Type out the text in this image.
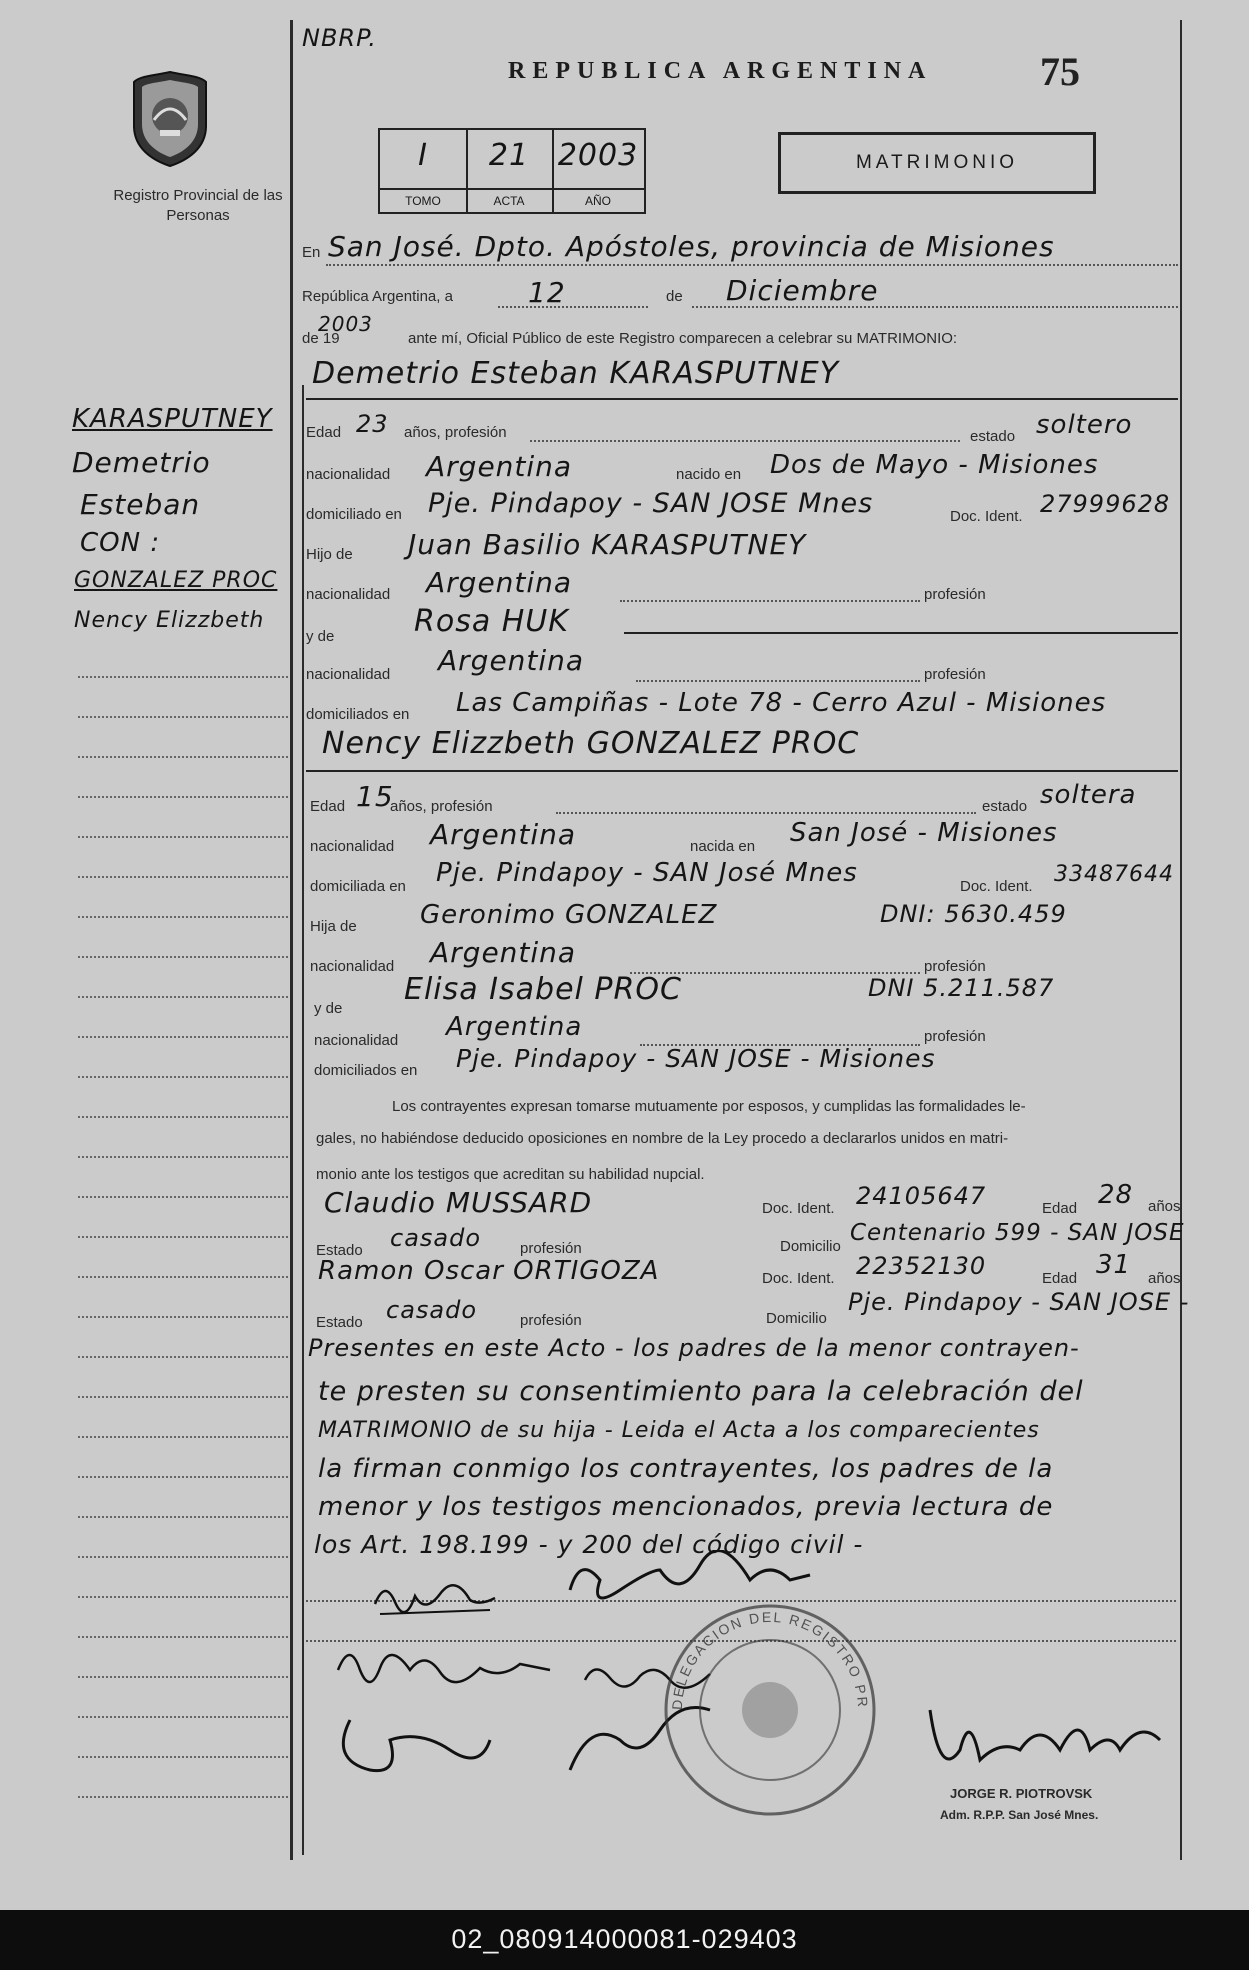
NBRP.
REPUBLICA ARGENTINA	75
Registro Provincial de las Personas
I
TOMO
21
ACTA
2003
AÑO
MATRIMONIO
KARASPUTNEY
Demetrio
Esteban
CON :
GONZALEZ PROC
Nency Elizzbeth
En San José. Dpto. Apóstoles, provincia de Misiones
República Argentina, a	12	de Diciembre
de 19
2003
ante mí, Oficial Público de este Registro comparecen a celebrar su MATRIMONIO:
Demetrio Esteban KARASPUTNEY
Edad 23 años, profesión	estado soltero
nacionalidad Argentina	nacido en Dos de Mayo - Misiones
domiciliado en Pje. Pindapoy - SAN JOSE Mnes	Doc. Ident. 27999628
Hijo de Juan Basilio KARASPUTNEY
nacionalidad Argentina	profesión
y de	Rosa HUK
nacionalidad Argentina	profesión
domiciliados en Las Campiñas - Lote 78 - Cerro Azul - Misiones
Nency Elizzbeth GONZALEZ PROC
Edad 15
años, profesión	estado soltera
nacionalidad Argentina	nacida en San José - Misiones
domiciliada en Pje. Pindapoy - SAN José Mnes	Doc. Ident. 33487644
Hija de Geronimo GONZALEZ	DNI: 5630.459
nacionalidad Argentina	profesión
y de
Elisa Isabel PROC	DNI 5.211.587
nacionalidad Argentina	profesión
domiciliados en Pje. Pindapoy - SAN JOSE - Misiones
Los contrayentes expresan tomarse mutuamente por esposos, y cumplidas las formalidades le-
gales, no habiéndose deducido oposiciones en nombre de la Ley procedo a declararlos unidos en matri-
monio ante los testigos que acreditan su habilidad nupcial.
Claudio MUSSARD	Doc. Ident. 24105647	Edad 28 años
Estado casado	profesión	Domicilio
Centenario 599 - SAN JOSE
Ramon Oscar ORTIGOZA	Doc. Ident. 22352130	Edad 31 años
Estado casado	profesión	Domicilio
Pje. Pindapoy - SAN JOSE -
Presentes en este Acto - los padres de la menor contrayen-
te presten su consentimiento para la celebración del
MATRIMONIO de su hija - Leida el Acta a los comparecientes
la firman conmigo los contrayentes, los padres de la
menor y los testigos mencionados, previa lectura de
los Art. 198.199 - y 200 del código civil -
DELEGACION DEL REGISTRO PR
JORGE R. PIOTROVSK
Adm. R.P.P. San José Mnes.
02_080914000081-029403
